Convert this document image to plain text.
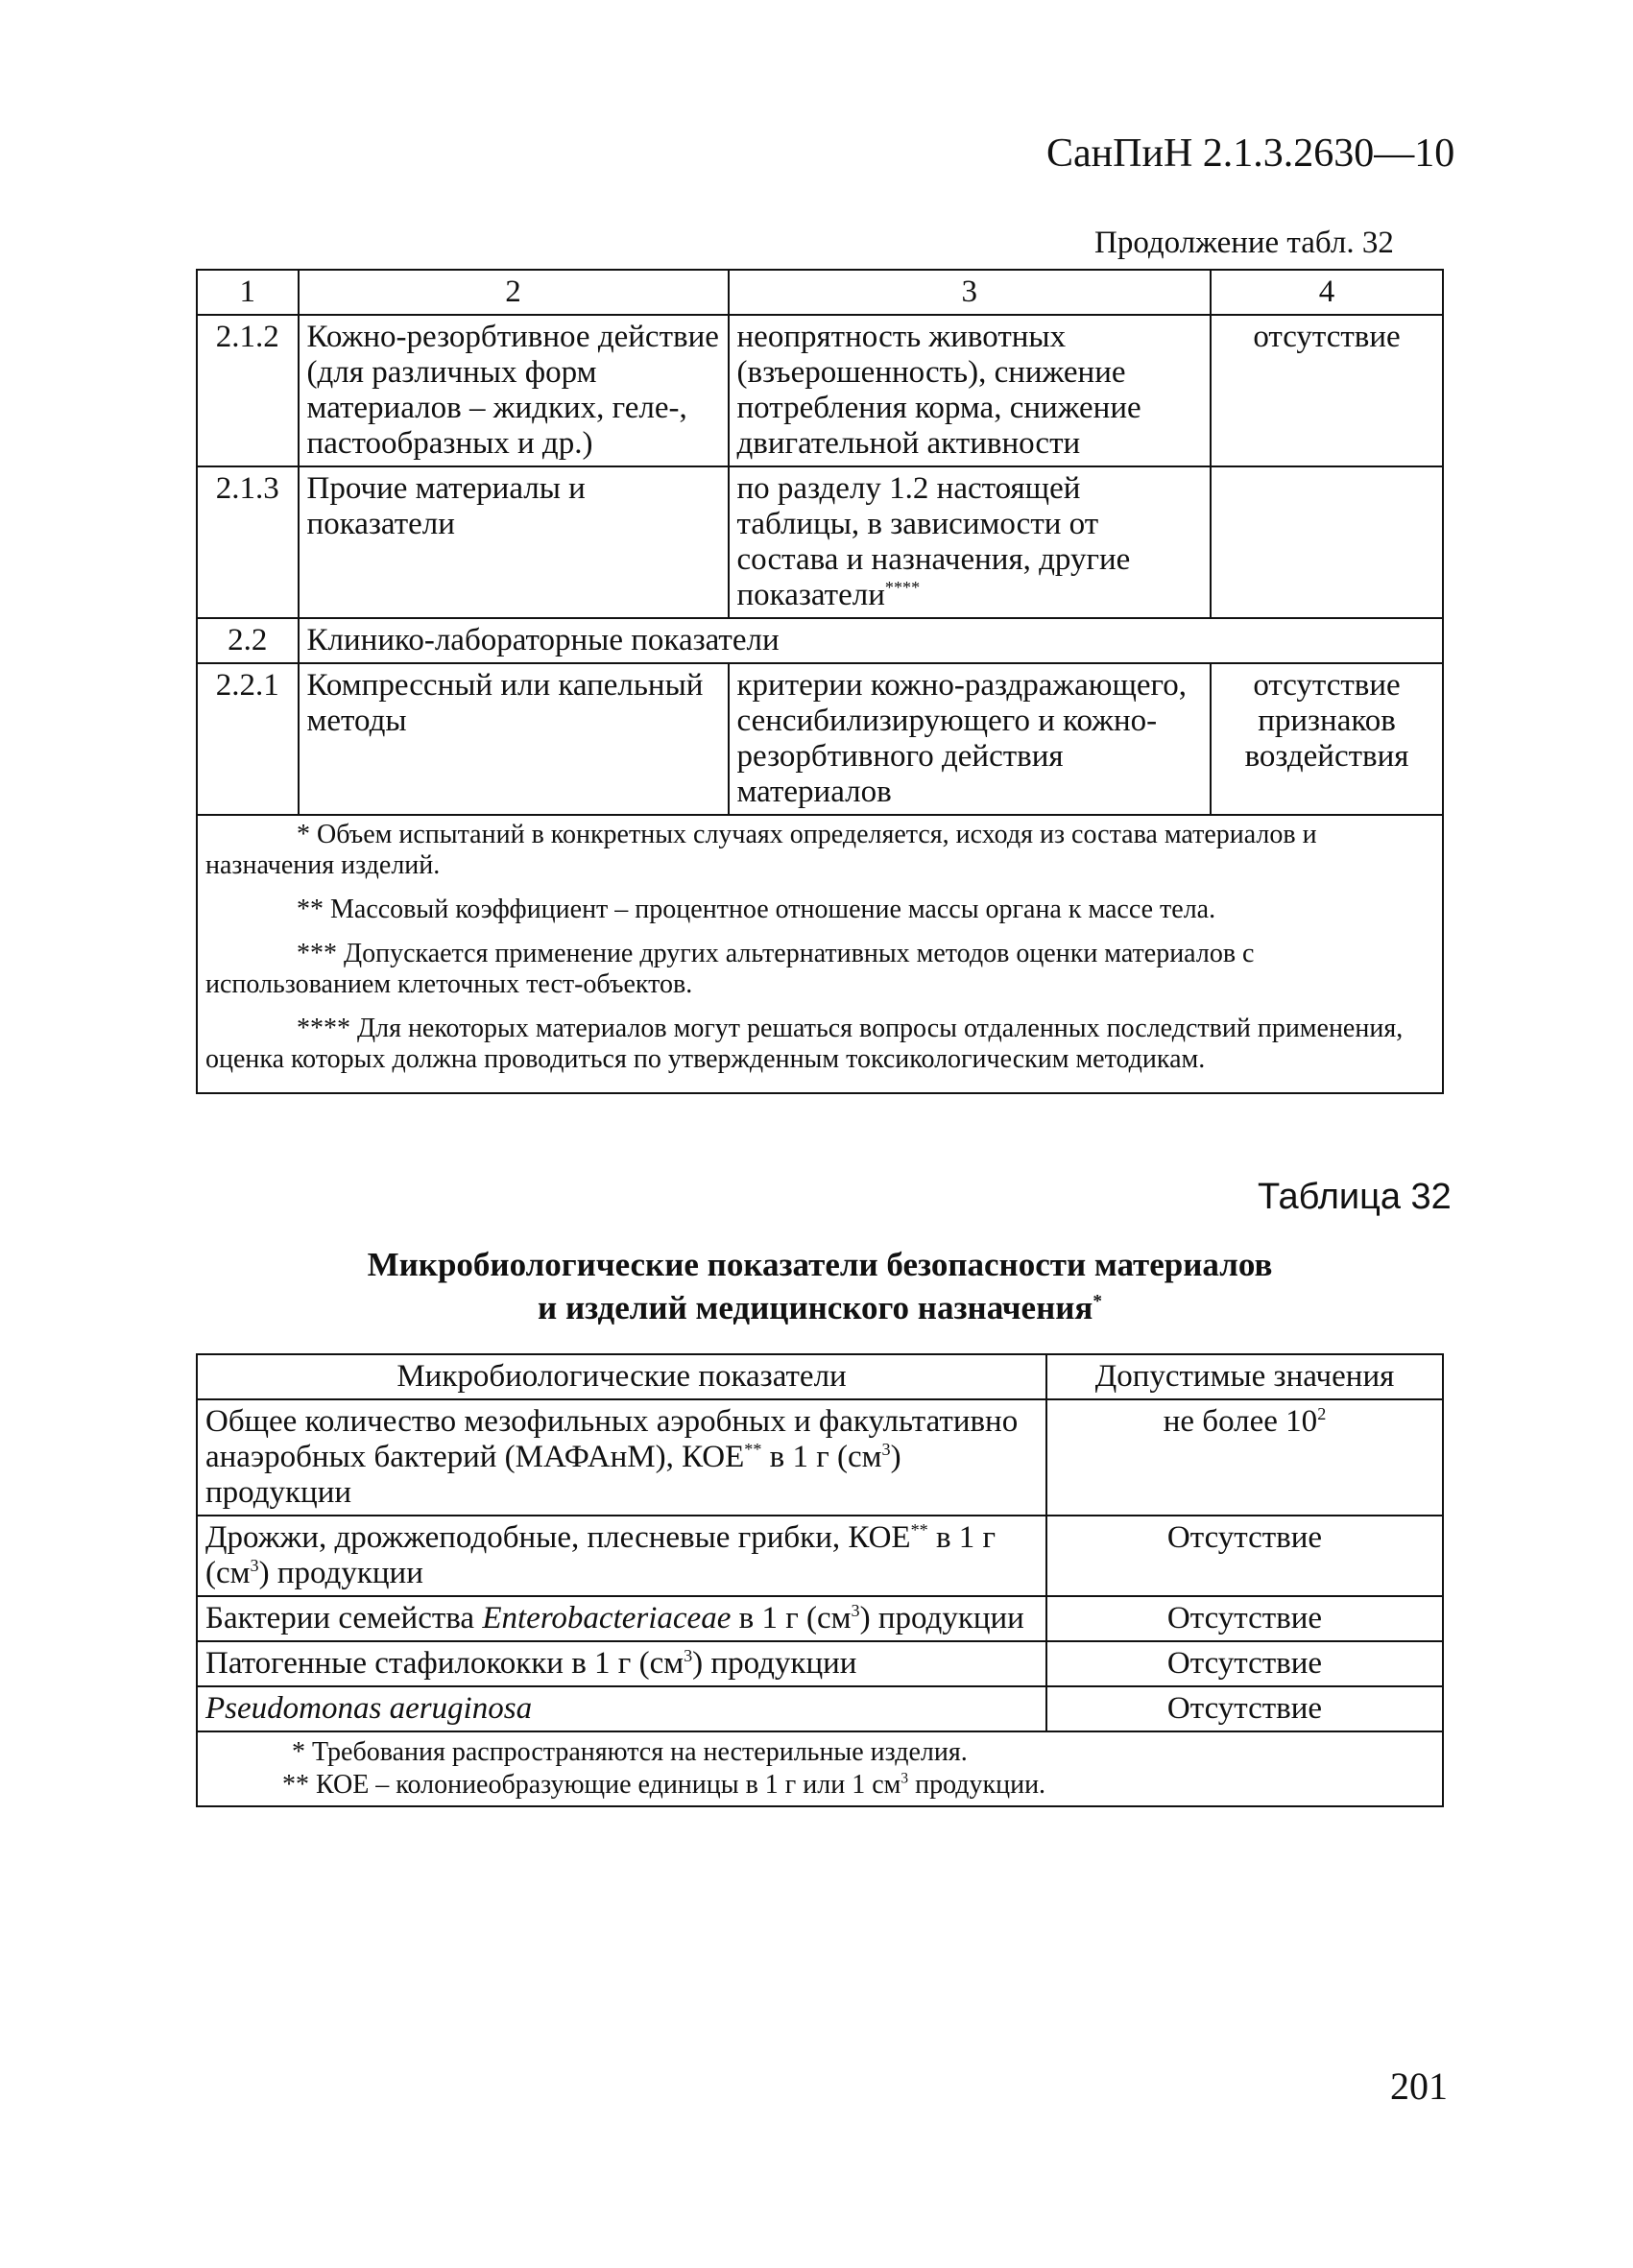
СанПиН 2.1.3.2630—10
Продолжение табл. 32
1	2	3	4
2.1.2	Кожно-резорбтивное действие (для различных форм материалов – жидких, геле-, пастообразных и др.)	неопрятность животных (взъерошенность), снижение потребления корма, снижение двигательной активности	отсутствие
2.1.3	Прочие материалы и показатели	по разделу 1.2 настоящей таблицы, в зависимости от состава и назначения, другие показатели****	
2.2	Клинико-лабораторные показатели		
2.2.1	Компрессный или капельный методы	критерии кожно-раздражающего, сенсибилизирующего и кожно-резорбтивного действия материалов	отсутствие признаков воздействия

* Объем испытаний в конкретных случаях определяется, исходя из состава материалов и назначения изделий.

** Массовый коэффициент – процентное отношение массы органа к массе тела.

*** Допускается применение других альтернативных методов оценки материалов с использованием клеточных тест-объектов.

**** Для некоторых материалов могут решаться вопросы отдаленных последствий применения, оценка которых должна проводиться по утвержденным токсикологическим методикам.			

Таблица 32
Микробиологические показатели безопасности материалов
и изделий медицинского назначения*
Микробиологические показатели	Допустимые значения
Общее количество мезофильных аэробных и факультативно анаэробных бактерий (МАФАнМ), КОЕ** в 1 г $(см^3)$ продукции	не более $10^2$
Дрожжи, дрожжеподобные, плесневые грибки, КОЕ** в 1 г $(см^3)$ продукции	Отсутствие
Бактерии семейства Enterobacteriaceae в 1 г $(см^3)$ продукции	Отсутствие
Патогенные стафилококки в 1 г $(см^3)$ продукции	Отсутствие
Pseudomonas aeruginosa	Отсутствие

* Требования распространяются на нестерильные изделия.
** КОЕ – колониеобразующие единицы в 1 г или 1 $см^3$ продукции.	
201
